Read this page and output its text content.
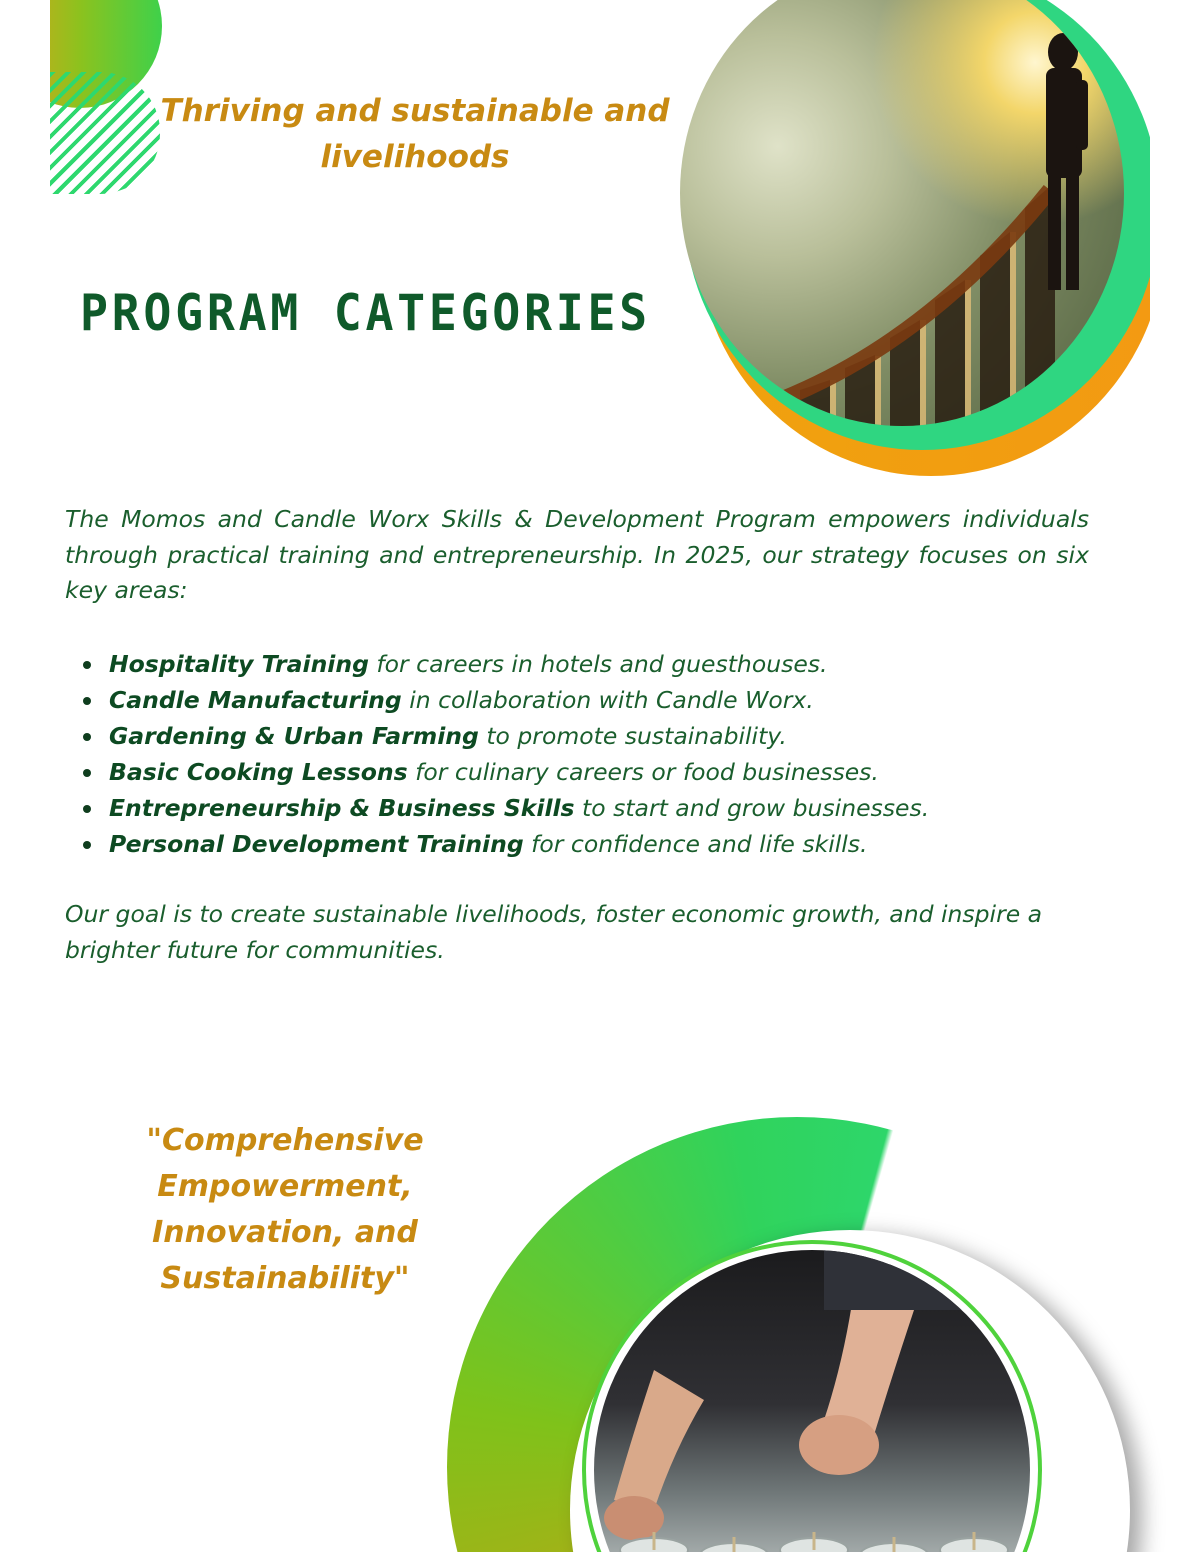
Thriving and sustainable and
livelihoods

PROGRAM CATEGORIES

The Momos and Candle Worx Skills & Development Program empowers individuals through practical training and entrepreneurship. In 2025, our strategy focuses on six key areas:

Hospitality Training for careers in hotels and guesthouses.
Candle Manufacturing in collaboration with Candle Worx.
Gardening & Urban Farming to promote sustainability.
Basic Cooking Lessons for culinary careers or food businesses.
Entrepreneurship & Business Skills to start and grow businesses.
Personal Development Training for confidence and life skills.

Our goal is to create sustainable livelihoods, foster economic growth, and inspire a brighter future for communities.

"Comprehensive
Empowerment,
Innovation, and
Sustainability"
